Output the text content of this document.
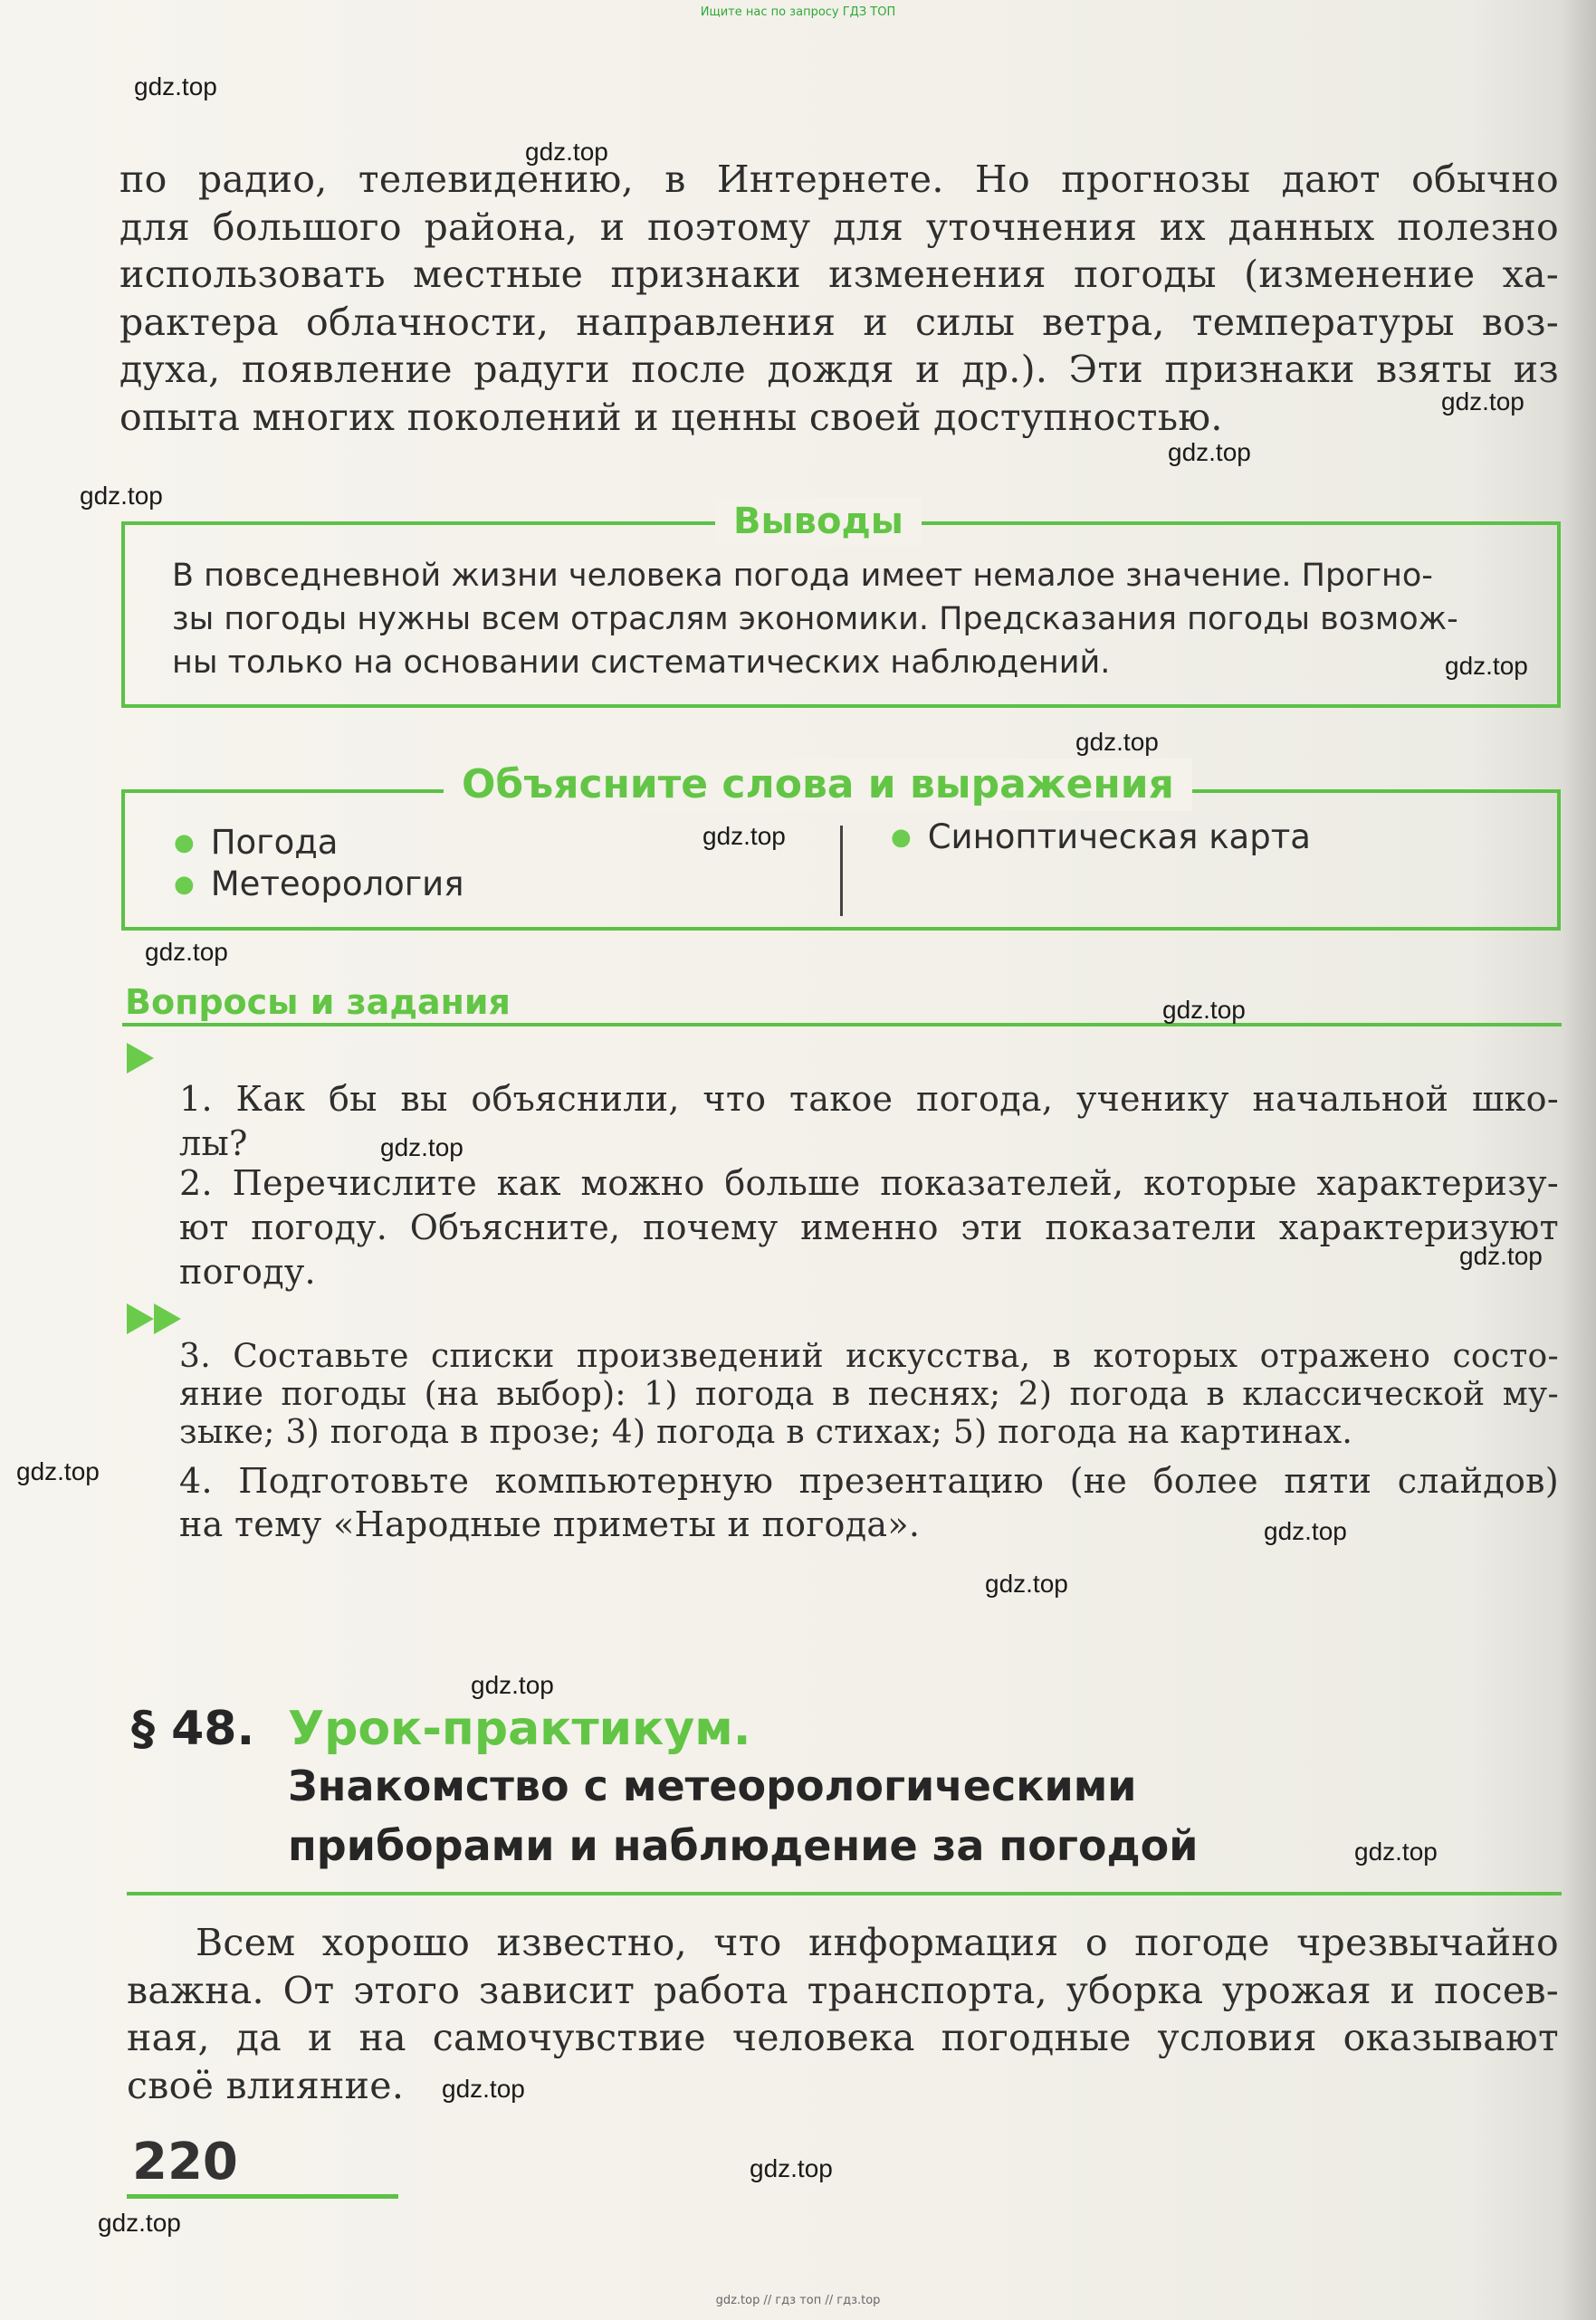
Ищите нас по запросу ГДЗ ТОП
по радио, телевидению, в Интернете. Но прогнозы дают обычно
для большого района, и поэтому для уточнения их данных полезно
использовать местные признаки изменения погоды (изменение ха-
рактера облачности, направления и силы ветра, температуры воз-
духа, появление радуги после дождя и др.). Эти признаки взяты из
опыта многих поколений и ценны своей доступностью.
Выводы
В повседневной жизни человека погода имеет немалое значение. Прогно-
зы погоды нужны всем отраслям экономики. Предсказания погоды возмож-
ны только на основании систематических наблюдений.
Объясните слова и выражения
● Погода
● Метеорология
● Синоптическая карта
Вопросы и задания
1. Как бы вы объяснили, что такое погода, ученику начальной шко-
лы?
2. Перечислите как можно больше показателей, которые характеризу-
ют погоду. Объясните, почему именно эти показатели характеризуют
погоду.
3. Составьте списки произведений искусства, в которых отражено состо-
яние погоды (на выбор): 1) погода в песнях; 2) погода в классической му-
зыке; 3) погода в прозе; 4) погода в стихах; 5) погода на картинах.
4. Подготовьте компьютерную презентацию (не более пяти слайдов)
на тему «Народные приметы и погода».
§ 48. Урок-практикум.
Знакомство с метеорологическими
приборами и наблюдение за погодой
Всем хорошо известно, что информация о погоде чрезвычайно
важна. От этого зависит работа транспорта, уборка урожая и посев-
ная, да и на самочувствие человека погодные условия оказывают
своё влияние.
220
gdz.top
gdz.top
gdz.top
gdz.top
gdz.top
gdz.top
gdz.top
gdz.top
gdz.top
gdz.top
gdz.top
gdz.top
gdz.top
gdz.top
gdz.top
gdz.top
gdz.top
gdz.top
gdz.top
gdz.top
gdz.top // гдз топ // гдз.top
